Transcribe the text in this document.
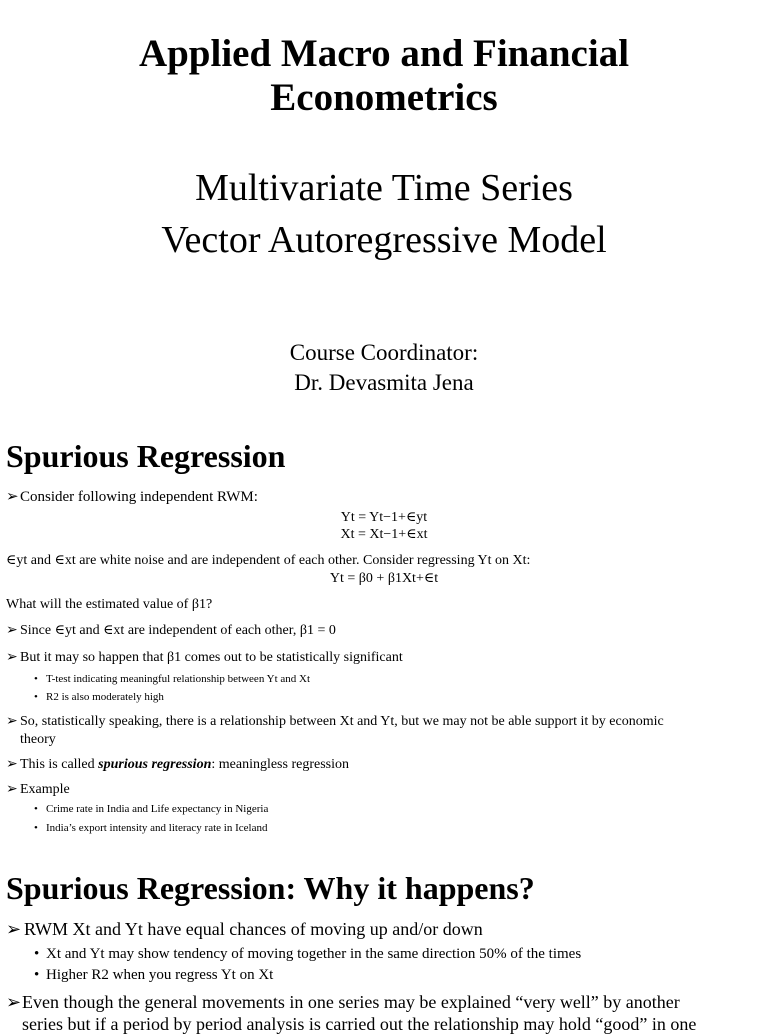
Applied Macro and Financial
Econometrics
Multivariate Time Series
Vector Autoregressive Model
Course Coordinator:
Dr. Devasmita Jena
Spurious Regression
➢Consider following independent RWM:
Yt = Yt−1+∈yt
Xt = Xt−1+∈xt
∈yt and ∈xt are white noise and are independent of each other. Consider regressing Yt on Xt:
Yt = β0 + β1Xt+∈t
What will the estimated value of β1?
➢ Since ∈yt and ∈xt are independent of each other, β1 = 0
➢ But it may so happen that β1 comes out to be statistically significant
• T-test indicating meaningful relationship between Yt and Xt
• R2 is also moderately high
➢ So, statistically speaking, there is a relationship between Xt and Yt, but we may not be able support it by economic
theory
➢ This is called spurious regression: meaningless regression
➢ Example
• Crime rate in India and Life expectancy in Nigeria
• India’s export intensity and literacy rate in Iceland
Spurious Regression: Why it happens?
➢ RWM Xt and Yt have equal chances of moving up and/or down
• Xt and Yt may show tendency of moving together in the same direction 50% of the times
• Higher R2 when you regress Yt on Xt
➢Even though the general movements in one series may be explained “very well” by another
series but if a period by period analysis is carried out the relationship may hold “good” in one
